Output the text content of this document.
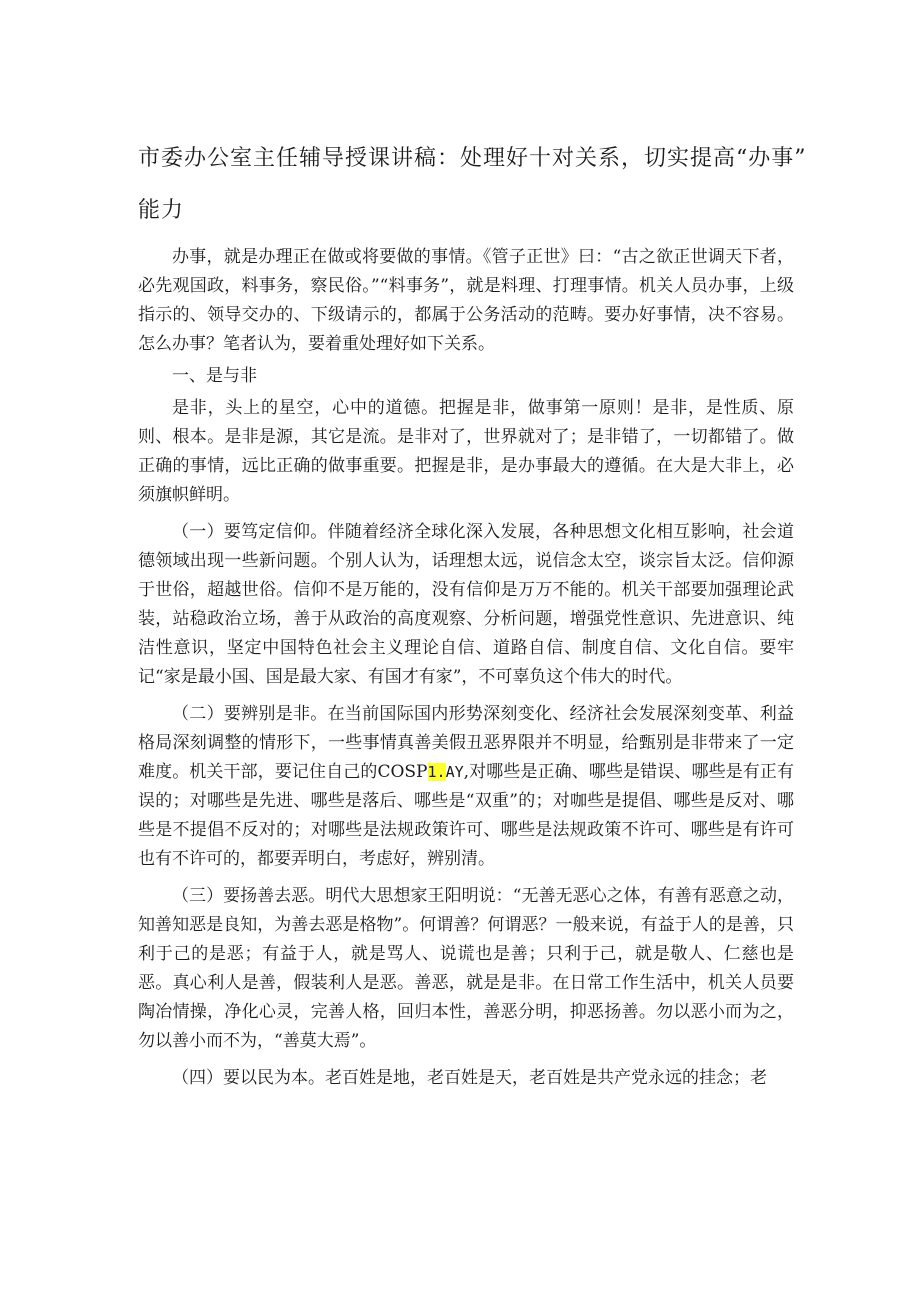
市委办公室主任辅导授课讲稿：处理好十对关系，切实提高“办事”
能力

办事，就是办理正在做或将要做的事情。《管子正世》曰：“古之欲正世调天下者，必先观国政，料事务，察民俗。”“料事务”，就是料理、打理事情。机关人员办事，上级指示的、领导交办的、下级请示的，都属于公务活动的范畴。要办好事情，决不容易。怎么办事？笔者认为，要着重处理好如下关系。

一、是与非

是非，头上的星空，心中的道德。把握是非，做事第一原则！是非，是性质、原则、根本。是非是源，其它是流。是非对了，世界就对了；是非错了，一切都错了。做正确的事情，远比正确的做事重要。把握是非，是办事最大的遵循。在大是大非上，必须旗帜鲜明。

（一）要笃定信仰。伴随着经济全球化深入发展，各种思想文化相互影响，社会道德领域出现一些新问题。个别人认为，话理想太远，说信念太空，谈宗旨太泛。信仰源于世俗，超越世俗。信仰不是万能的，没有信仰是万万不能的。机关干部要加强理论武装，站稳政治立场，善于从政治的高度观察、分析问题，增强党性意识、先进意识、纯洁性意识，坚定中国特色社会主义理论自信、道路自信、制度自信、文化自信。要牢记“家是最小国、国是最大家、有国才有家”，不可辜负这个伟大的时代。

（二）要辨别是非。在当前国际国内形势深刻变化、经济社会发展深刻变革、利益格局深刻调整的情形下，一些事情真善美假丑恶界限并不明显，给甄别是非带来了一定难度。机关干部，要记住自己的COSP1.AY,对哪些是正确、哪些是错误、哪些是有正有误的；对哪些是先进、哪些是落后、哪些是“双重”的；对咖些是提倡、哪些是反对、哪些是不提倡不反对的；对哪些是法规政策许可、哪些是法规政策不许可、哪些是有许可也有不许可的，都要弄明白，考虑好，辨别清。

（三）要扬善去恶。明代大思想家王阳明说：“无善无恶心之体，有善有恶意之动，知善知恶是良知，为善去恶是格物”。何谓善？何谓恶？一般来说，有益于人的是善，只利于己的是恶；有益于人，就是骂人、说谎也是善；只利于己，就是敬人、仁慈也是恶。真心利人是善，假装利人是恶。善恶，就是是非。在日常工作生活中，机关人员要陶冶情操，净化心灵，完善人格，回归本性，善恶分明，抑恶扬善。勿以恶小而为之，勿以善小而不为，“善莫大焉”。

（四）要以民为本。老百姓是地，老百姓是天，老百姓是共产党永远的挂念；老
